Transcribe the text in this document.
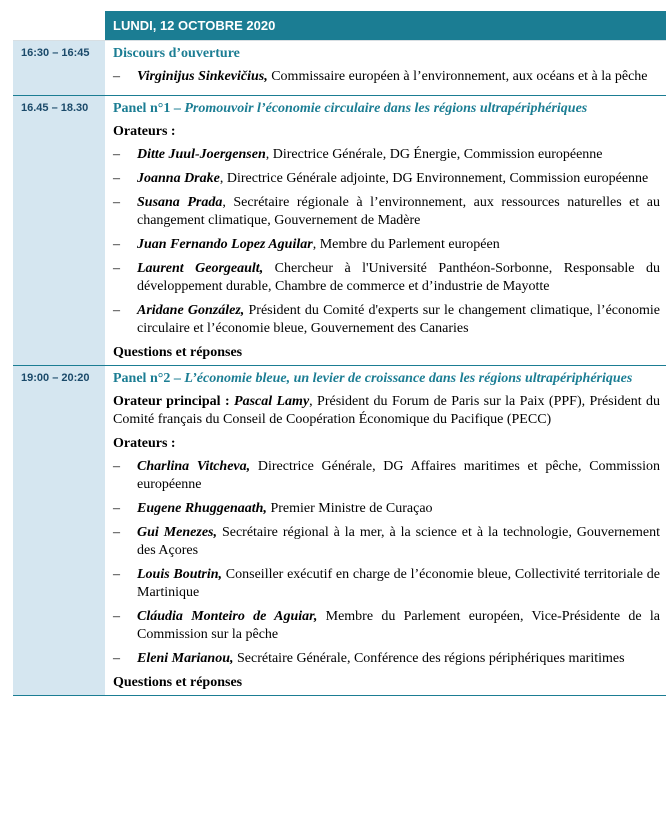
LUNDI, 12 OCTOBRE 2020
16:30 – 16:45	Discours d’ouverture

– Virginijus Sinkevičius, Commissaire européen à l’environnement, aux océans et à la pêche
16.45 – 18.30	Panel n°1 – Promouvoir l’économie circulaire dans les régions ultrapériphériques

Orateurs :

– Ditte Juul-Joergensen, Directrice Générale, DG Énergie, Commission européenne
– Joanna Drake, Directrice Générale adjointe, DG Environnement, Commission européenne
– Susana Prada, Secrétaire régionale à l’environnement, aux ressources naturelles et au changement climatique, Gouvernement de Madère
– Juan Fernando Lopez Aguilar, Membre du Parlement européen
– Laurent Georgeault, Chercheur à l'Université Panthéon-Sorbonne, Responsable du développement durable, Chambre de commerce et d’industrie de Mayotte
– Aridane González, Président du Comité d'experts sur le changement climatique, l’économie circulaire et l’économie bleue, Gouvernement des Canaries

Questions et réponses

19:00 – 20:20	Panel n°2 – L’économie bleue, un levier de croissance dans les régions ultrapériphériques

Orateur principal : Pascal Lamy, Président du Forum de Paris sur la Paix (PPF), Président du Comité français du Conseil de Coopération Économique du Pacifique (PECC)

Orateurs :

– Charlina Vitcheva, Directrice Générale, DG Affaires maritimes et pêche, Commission européenne
– Eugene Rhuggenaath, Premier Ministre de Curaçao
– Gui Menezes, Secrétaire régional à la mer, à la science et à la technologie, Gouvernement des Açores
– Louis Boutrin, Conseiller exécutif en charge de l’économie bleue, Collectivité territoriale de Martinique
– Cláudia Monteiro de Aguiar, Membre du Parlement européen, Vice-Présidente de la Commission sur la pêche
– Eleni Marianou, Secrétaire Générale, Conférence des régions périphériques maritimes

Questions et réponses
